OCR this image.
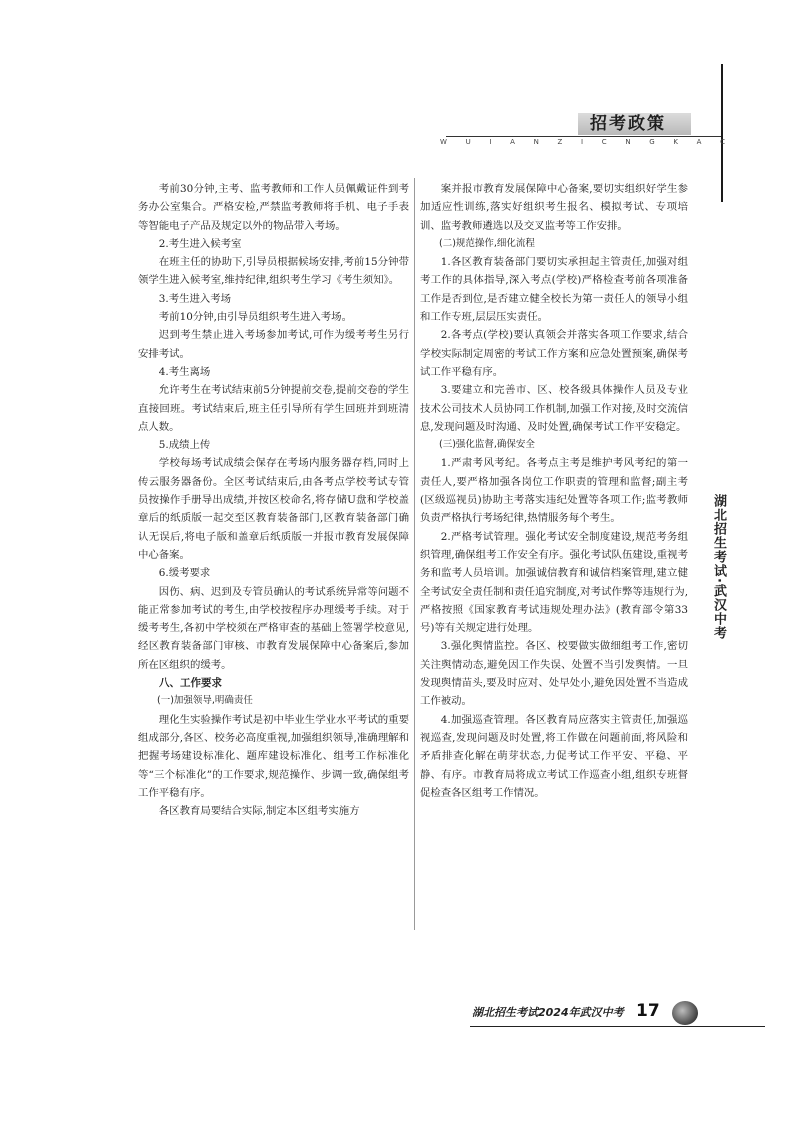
招考政策
W	U	I	A	N	Z	I	C	N	G	K	A	C
湖北招生考试·武汉中考

考前30分钟,主考、监考教师和工作人员佩戴证件到考务办公室集合。严格安检,严禁监考教师将手机、电子手表等智能电子产品及规定以外的物品带入考场。

2.考生进入候考室

在班主任的协助下,引导员根据候场安排,考前15分钟带领学生进入候考室,维持纪律,组织考生学习《考生须知》。

3.考生进入考场

考前10分钟,由引导员组织考生进入考场。

迟到考生禁止进入考场参加考试,可作为缓考考生另行安排考试。

4.考生离场

允许考生在考试结束前5分钟提前交卷,提前交卷的学生直接回班。考试结束后,班主任引导所有学生回班并到班清点人数。

5.成绩上传

学校每场考试成绩会保存在考场内服务器存档,同时上传云服务器备份。全区考试结束后,由各考点学校考试专管员按操作手册导出成绩,并按区校命名,将存储U盘和学校盖章后的纸质版一起交至区教育装备部门,区教育装备部门确认无误后,将电子版和盖章后纸质版一并报市教育发展保障中心备案。

6.缓考要求

因伤、病、迟到及专管员确认的考试系统异常等问题不能正常参加考试的考生,由学校按程序办理缓考手续。对于缓考考生,各初中学校须在严格审查的基础上签署学校意见,经区教育装备部门审核、市教育发展保障中心备案后,参加所在区组织的缓考。

八、工作要求

(一)加强领导,明确责任

理化生实验操作考试是初中毕业生学业水平考试的重要组成部分,各区、校务必高度重视,加强组织领导,准确理解和把握考场建设标准化、题库建设标准化、组考工作标准化等“三个标准化”的工作要求,规范操作、步调一致,确保组考工作平稳有序。

各区教育局要结合实际,制定本区组考实施方

案并报市教育发展保障中心备案,要切实组织好学生参加适应性训练,落实好组织考生报名、模拟考试、专项培训、监考教师遴选以及交叉监考等工作安排。

(二)规范操作,细化流程

1.各区教育装备部门要切实承担起主管责任,加强对组考工作的具体指导,深入考点(学校)严格检查考前各项准备工作是否到位,是否建立健全校长为第一责任人的领导小组和工作专班,层层压实责任。

2.各考点(学校)要认真领会并落实各项工作要求,结合学校实际制定周密的考试工作方案和应急处置预案,确保考试工作平稳有序。

3.要建立和完善市、区、校各级具体操作人员及专业技术公司技术人员协同工作机制,加强工作对接,及时交流信息,发现问题及时沟通、及时处置,确保考试工作平安稳定。

(三)强化监督,确保安全

1.严肃考风考纪。各考点主考是维护考风考纪的第一责任人,要严格加强各岗位工作职责的管理和监督;副主考(区级巡视员)协助主考落实违纪处置等各项工作;监考教师负责严格执行考场纪律,热情服务每个考生。

2.严格考试管理。强化考试安全制度建设,规范考务组织管理,确保组考工作安全有序。强化考试队伍建设,重视考务和监考人员培训。加强诚信教育和诚信档案管理,建立健全考试安全责任制和责任追究制度,对考试作弊等违规行为,严格按照《国家教育考试违规处理办法》(教育部令第33号)等有关规定进行处理。

3.强化舆情监控。各区、校要做实做细组考工作,密切关注舆情动态,避免因工作失误、处置不当引发舆情。一旦发现舆情苗头,要及时应对、处早处小,避免因处置不当造成工作被动。

4.加强巡查管理。各区教育局应落实主管责任,加强巡视巡查,发现问题及时处置,将工作做在问题前面,将风险和矛盾排查化解在萌芽状态,力促考试工作平安、平稳、平静、有序。市教育局将成立考试工作巡查小组,组织专班督促检查各区组考工作情况。

湖北招生考试2024年武汉中考 17
